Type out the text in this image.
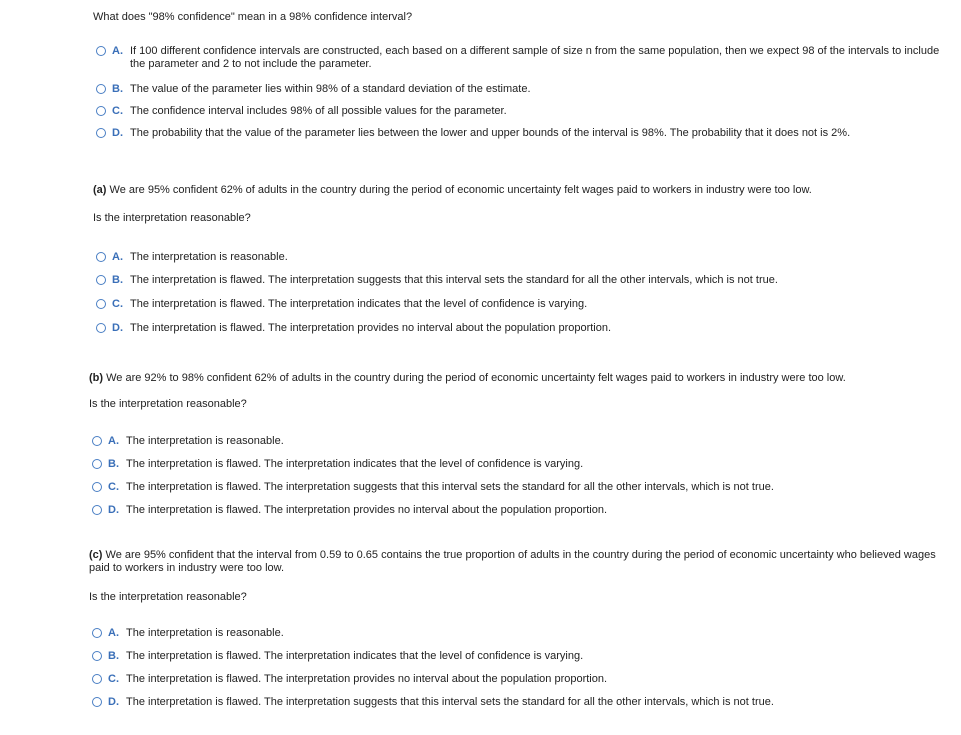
What does "98% confidence" mean in a 98% confidence interval?
A. If 100 different confidence intervals are constructed, each based on a different sample of size n from the same population, then we expect 98 of the intervals to include the parameter and 2 to not include the parameter.
B. The value of the parameter lies within 98% of a standard deviation of the estimate.
C. The confidence interval includes 98% of all possible values for the parameter.
D. The probability that the value of the parameter lies between the lower and upper bounds of the interval is 98%. The probability that it does not is 2%.
(a) We are 95% confident 62% of adults in the country during the period of economic uncertainty felt wages paid to workers in industry were too low.
Is the interpretation reasonable?
A. The interpretation is reasonable.
B. The interpretation is flawed. The interpretation suggests that this interval sets the standard for all the other intervals, which is not true.
C. The interpretation is flawed. The interpretation indicates that the level of confidence is varying.
D. The interpretation is flawed. The interpretation provides no interval about the population proportion.
(b) We are 92% to 98% confident 62% of adults in the country during the period of economic uncertainty felt wages paid to workers in industry were too low.
Is the interpretation reasonable?
A. The interpretation is reasonable.
B. The interpretation is flawed. The interpretation indicates that the level of confidence is varying.
C. The interpretation is flawed. The interpretation suggests that this interval sets the standard for all the other intervals, which is not true.
D. The interpretation is flawed. The interpretation provides no interval about the population proportion.
(c) We are 95% confident that the interval from 0.59 to 0.65 contains the true proportion of adults in the country during the period of economic uncertainty who believed wages paid to workers in industry were too low.
Is the interpretation reasonable?
A. The interpretation is reasonable.
B. The interpretation is flawed. The interpretation indicates that the level of confidence is varying.
C. The interpretation is flawed. The interpretation provides no interval about the population proportion.
D. The interpretation is flawed. The interpretation suggests that this interval sets the standard for all the other intervals, which is not true.
